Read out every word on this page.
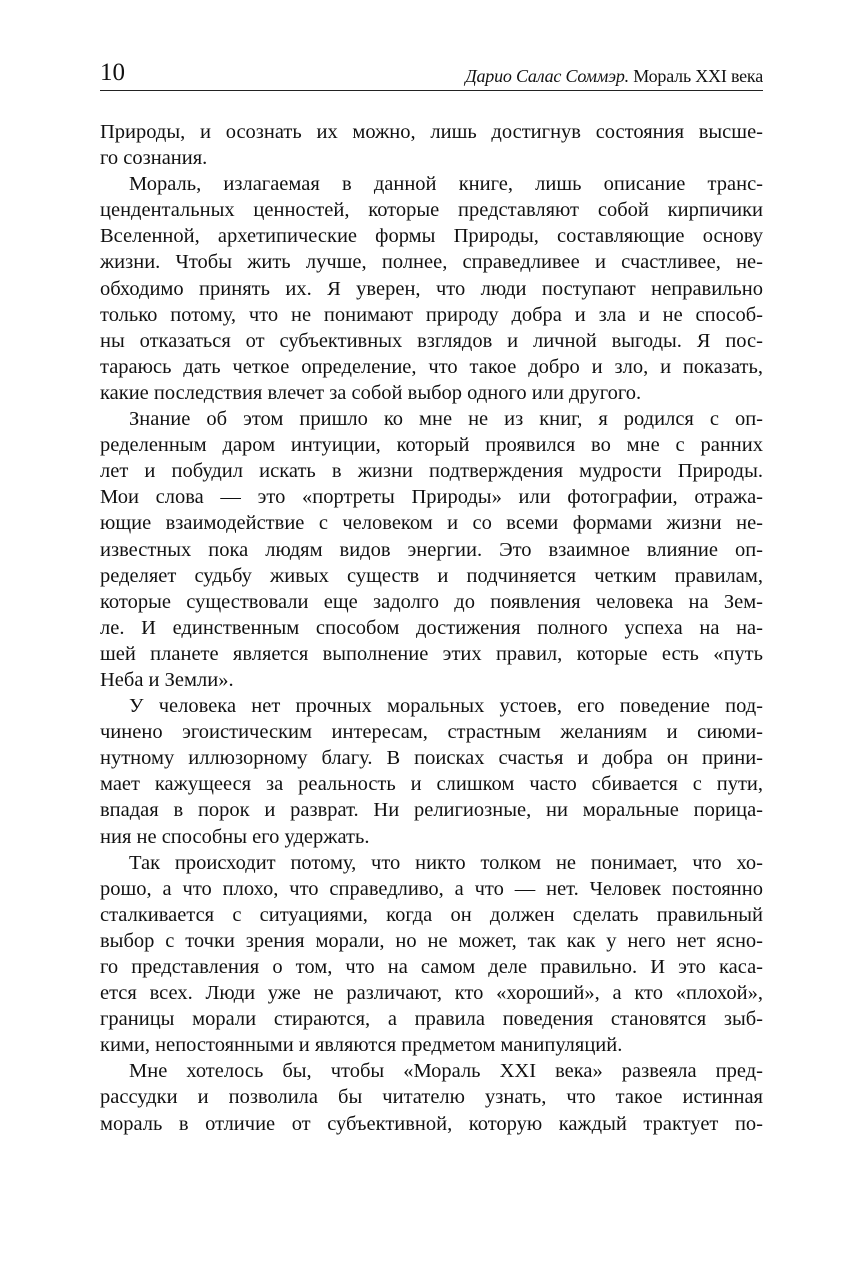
10	Дарио Салас Соммэр. Мораль XXI века
Природы, и осознать их можно, лишь достигнув состояния высше-
го сознания.
Мораль, излагаемая в данной книге, лишь описание транс-
цендентальных ценностей, которые представляют собой кирпичики
Вселенной, архетипические формы Природы, составляющие основу
жизни. Чтобы жить лучше, полнее, справедливее и счастливее, не-
обходимо принять их. Я уверен, что люди поступают неправильно
только потому, что не понимают природу добра и зла и не способ-
ны отказаться от субъективных взглядов и личной выгоды. Я пос-
тараюсь дать четкое определение, что такое добро и зло, и показать,
какие последствия влечет за собой выбор одного или другого.
Знание об этом пришло ко мне не из книг, я родился с оп-
ределенным даром интуиции, который проявился во мне с ранних
лет и побудил искать в жизни подтверждения мудрости Природы.
Мои слова — это «портреты Природы» или фотографии, отража-
ющие взаимодействие с человеком и со всеми формами жизни не-
известных пока людям видов энергии. Это взаимное влияние оп-
ределяет судьбу живых существ и подчиняется четким правилам,
которые существовали еще задолго до появления человека на Зем-
ле. И единственным способом достижения полного успеха на на-
шей планете является выполнение этих правил, которые есть «путь
Неба и Земли».
У человека нет прочных моральных устоев, его поведение под-
чинено эгоистическим интересам, страстным желаниям и сиюми-
нутному иллюзорному благу. В поисках счастья и добра он прини-
мает кажущееся за реальность и слишком часто сбивается с пути,
впадая в порок и разврат. Ни религиозные, ни моральные порица-
ния не способны его удержать.
Так происходит потому, что никто толком не понимает, что хо-
рошо, а что плохо, что справедливо, а что — нет. Человек постоянно
сталкивается с ситуациями, когда он должен сделать правильный
выбор с точки зрения морали, но не может, так как у него нет ясно-
го представления о том, что на самом деле правильно. И это каса-
ется всех. Люди уже не различают, кто «хороший», а кто «плохой»,
границы морали стираются, а правила поведения становятся зыб-
кими, непостоянными и являются предметом манипуляций.
Мне хотелось бы, чтобы «Мораль XXI века» развеяла пред-
рассудки и позволила бы читателю узнать, что такое истинная
мораль в отличие от субъективной, которую каждый трактует по-
